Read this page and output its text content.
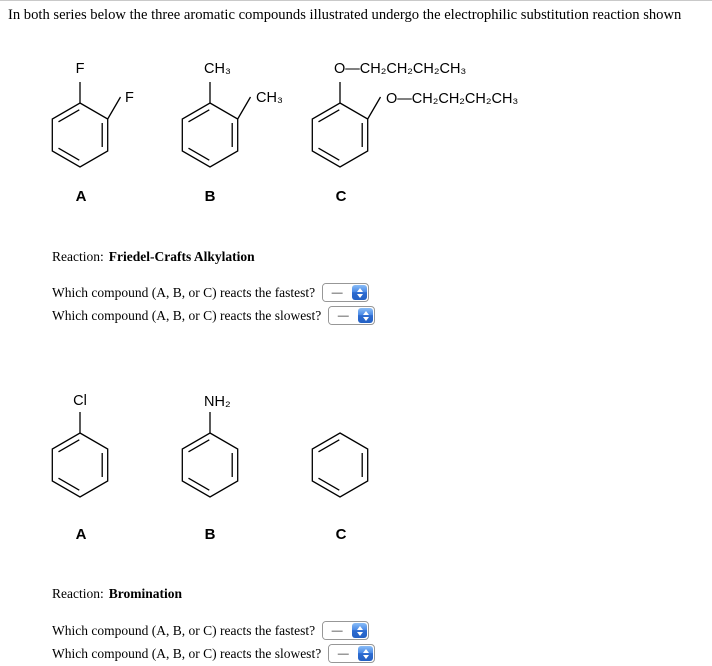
In both series below the three aromatic compounds illustrated undergo the electrophilic substitution reaction shown
F
F
A
CH₃
CH₃
B
O—CH₂CH₂CH₂CH₃
O—CH₂CH₂CH₂CH₃
C
Reaction: Friedel-Crafts Alkylation
Which compound (A, B, or C) reacts the fastest?	—
Which compound (A, B, or C) reacts the slowest?	—
Cl
A
NH₂
B	C
Reaction: Bromination
Which compound (A, B, or C) reacts the fastest?	—
Which compound (A, B, or C) reacts the slowest?	—
